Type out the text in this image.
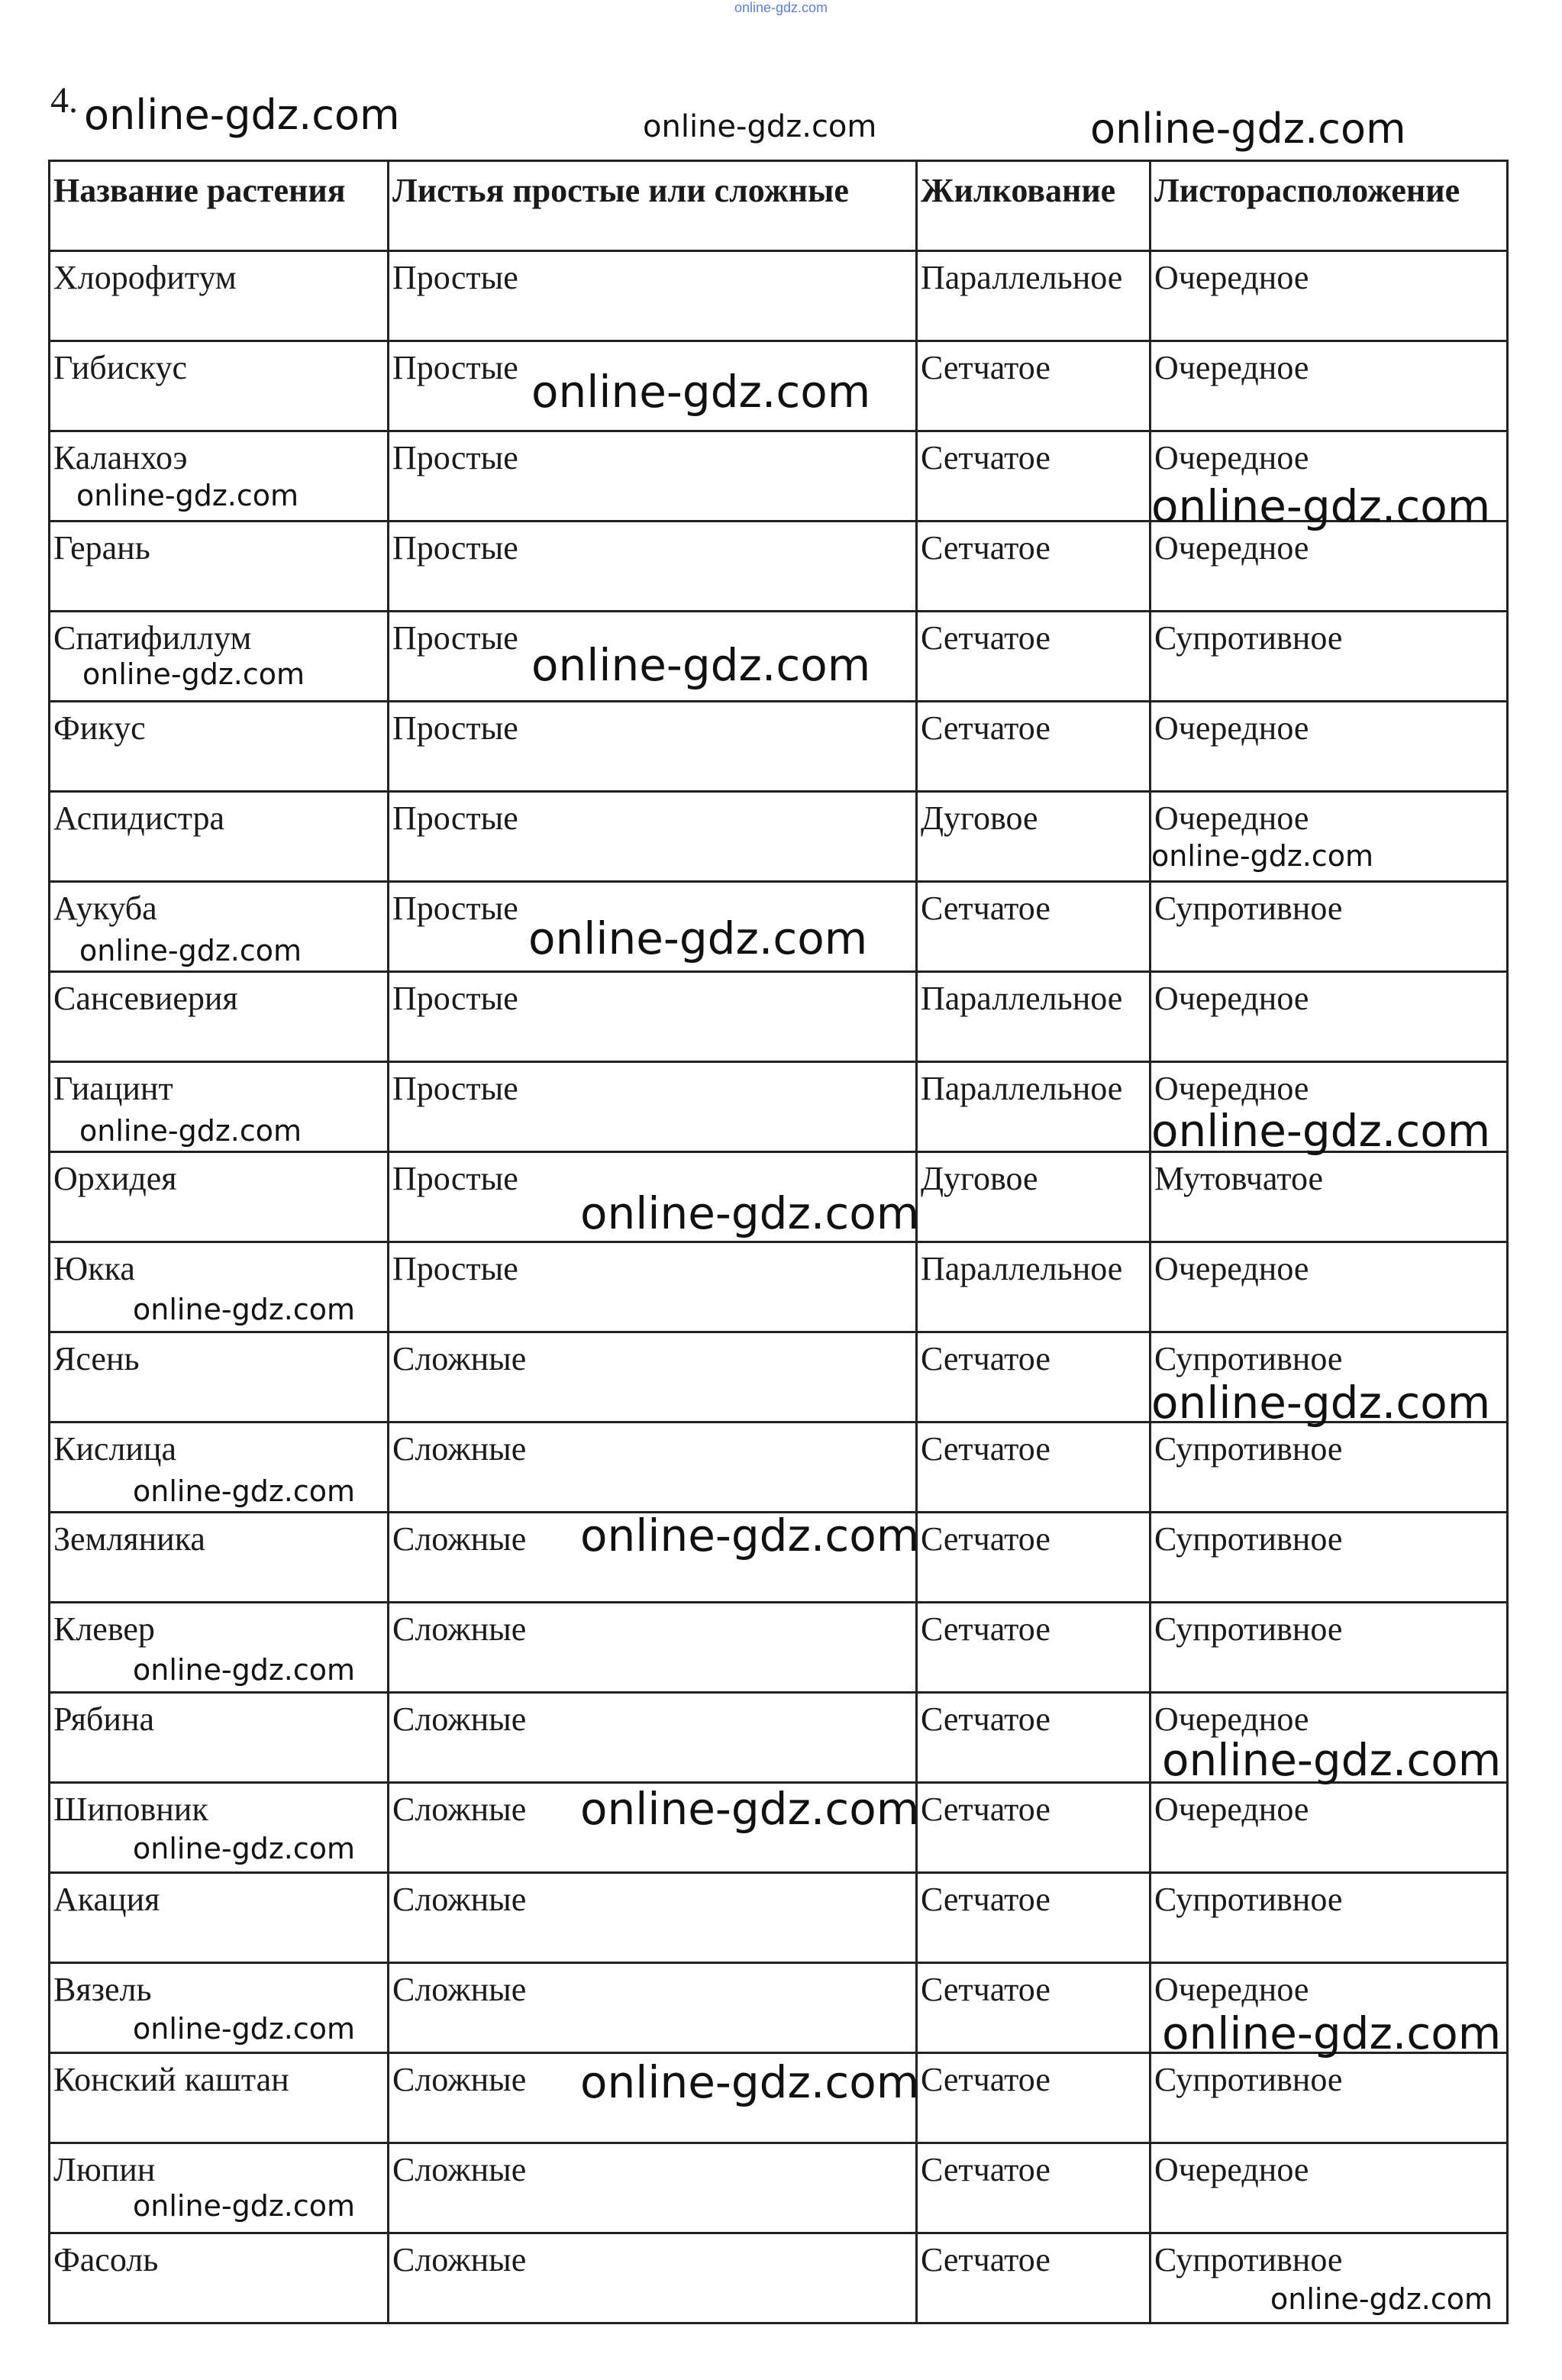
online-gdz.com
4.
Название растения	Листья простые или сложные	Жилкование	Листорасположение
Хлорофитум	Простые	Параллельное	Очередное
Гибискус	Простые	Сетчатое	Очередное
Каланхоэ	Простые	Сетчатое	Очередное
Герань	Простые	Сетчатое	Очередное
Спатифиллум	Простые	Сетчатое	Супротивное
Фикус	Простые	Сетчатое	Очередное
Аспидистра	Простые	Дуговое	Очередное
Аукуба	Простые	Сетчатое	Супротивное
Сансевиерия	Простые	Параллельное	Очередное
Гиацинт	Простые	Параллельное	Очередное
Орхидея	Простые	Дуговое	Мутовчатое
Юкка	Простые	Параллельное	Очередное
Ясень	Сложные	Сетчатое	Супротивное
Кислица	Сложные	Сетчатое	Супротивное
Земляника	Сложные	Сетчатое	Супротивное
Клевер	Сложные	Сетчатое	Супротивное
Рябина	Сложные	Сетчатое	Очередное
Шиповник	Сложные	Сетчатое	Очередное
Акация	Сложные	Сетчатое	Супротивное
Вязель	Сложные	Сетчатое	Очередное
Конский каштан	Сложные	Сетчатое	Супротивное
Люпин	Сложные	Сетчатое	Очередное
Фасоль	Сложные	Сетчатое	Супротивное
online-gdz.com	online-gdz.com	online-gdz.com
online-gdz.com
online-gdz.com	online-gdz.com
online-gdz.com	online-gdz.com
online-gdz.com
online-gdz.com	online-gdz.com
online-gdz.com	online-gdz.com
online-gdz.com
online-gdz.com
online-gdz.com
online-gdz.com
online-gdz.com
online-gdz.com
online-gdz.com
online-gdz.com
online-gdz.com
online-gdz.com	online-gdz.com
online-gdz.com
online-gdz.com
online-gdz.com
